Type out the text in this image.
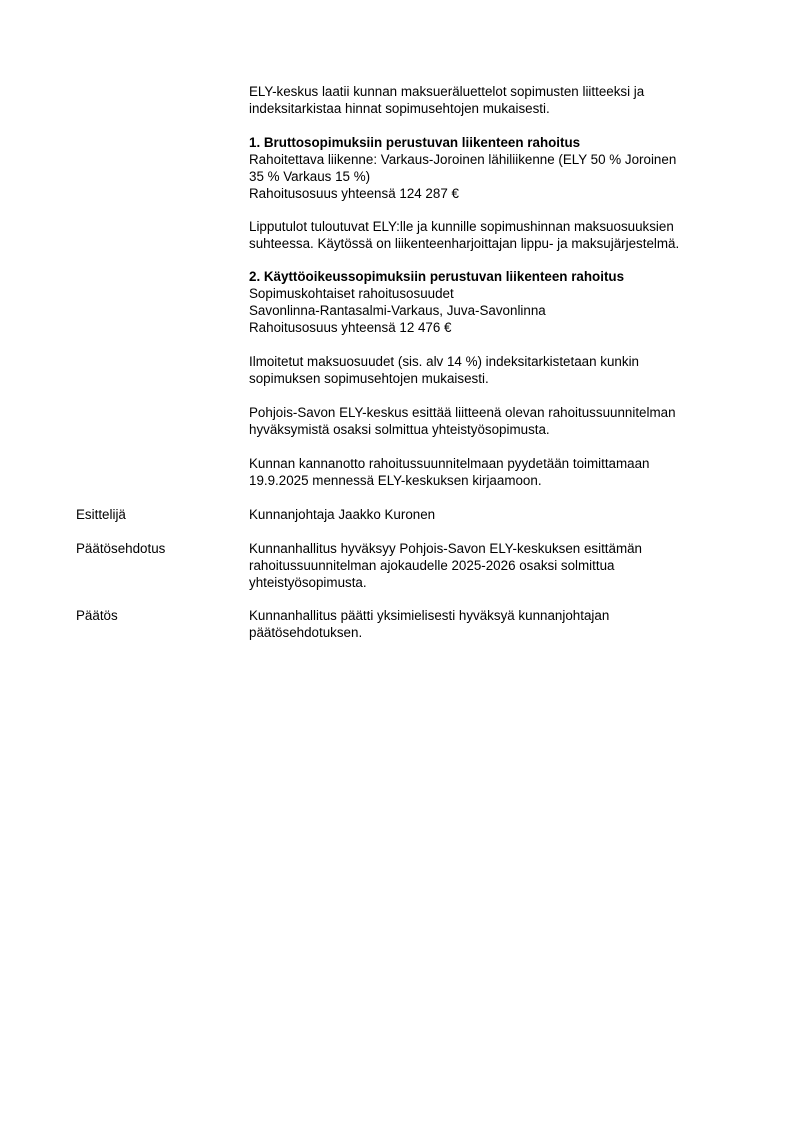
ELY-keskus laatii kunnan maksueräluettelot sopimusten liitteeksi ja
indeksitarkistaa hinnat sopimusehtojen mukaisesti.
1. Bruttosopimuksiin perustuvan liikenteen rahoitus
Rahoitettava liikenne: Varkaus-Joroinen lähiliikenne (ELY 50 % Joroinen
35 % Varkaus 15 %)
Rahoitusosuus yhteensä 124 287 €
Lipputulot tuloutuvat ELY:lle ja kunnille sopimushinnan maksuosuuksien
suhteessa. Käytössä on liikenteenharjoittajan lippu- ja maksujärjestelmä.
2. Käyttöoikeussopimuksiin perustuvan liikenteen rahoitus
Sopimuskohtaiset rahoitusosuudet
Savonlinna-Rantasalmi-Varkaus, Juva-Savonlinna
Rahoitusosuus yhteensä 12 476 €
Ilmoitetut maksuosuudet (sis. alv 14 %) indeksitarkistetaan kunkin
sopimuksen sopimusehtojen mukaisesti.
Pohjois-Savon ELY-keskus esittää liitteenä olevan rahoitussuunnitelman
hyväksymistä osaksi solmittua yhteistyösopimusta.
Kunnan kannanotto rahoitussuunnitelmaan pyydetään toimittamaan
19.9.2025 mennessä ELY-keskuksen kirjaamoon.
Esittelijä	Kunnanjohtaja Jaakko Kuronen
Päätösehdotus	Kunnanhallitus hyväksyy Pohjois-Savon ELY-keskuksen esittämän
rahoitussuunnitelman ajokaudelle 2025-2026 osaksi solmittua
yhteistyösopimusta.
Päätös	Kunnanhallitus päätti yksimielisesti hyväksyä kunnanjohtajan
päätösehdotuksen.
